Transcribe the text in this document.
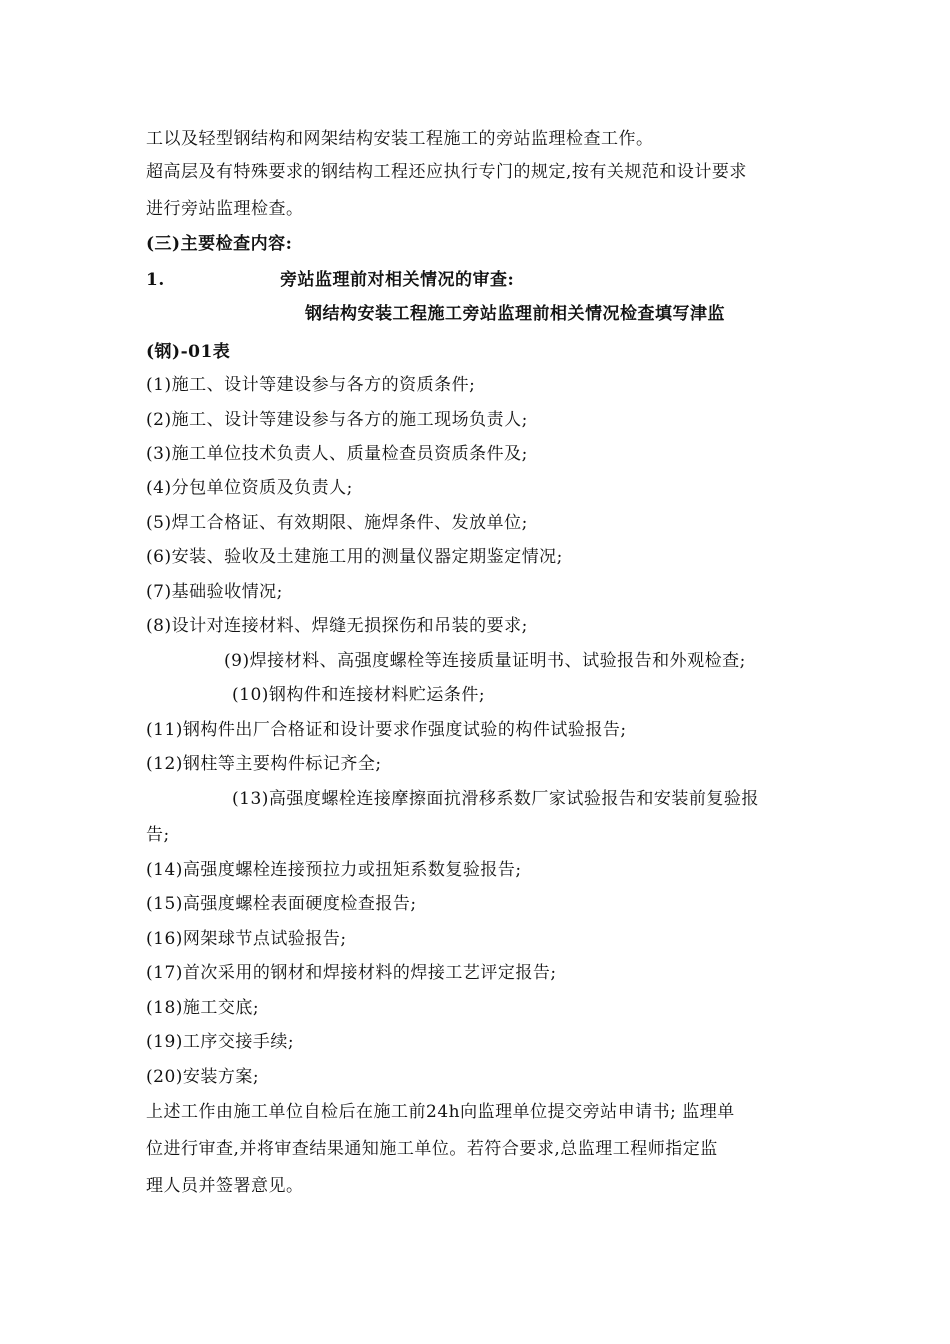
工以及轻型钢结构和网架结构安装工程施工的旁站监理检查工作。
超高层及有特殊要求的钢结构工程还应执行专门的规定,按有关规范和设计要求
进行旁站监理检查。
(三)主要检查内容:
1.	旁站监理前对相关情况的审查:
钢结构安装工程施工旁站监理前相关情况检查填写津监
(钢)-01表
(1)施工、设计等建设参与各方的资质条件;
(2)施工、设计等建设参与各方的施工现场负责人;
(3)施工单位技术负责人、质量检查员资质条件及;
(4)分包单位资质及负责人;
(5)焊工合格证、有效期限、施焊条件、发放单位;
(6)安装、验收及土建施工用的测量仪器定期鉴定情况;
(7)基础验收情况;
(8)设计对连接材料、焊缝无损探伤和吊装的要求;
(9)焊接材料、高强度螺栓等连接质量证明书、试验报告和外观检查;
(10)钢构件和连接材料贮运条件;
(11)钢构件出厂合格证和设计要求作强度试验的构件试验报告;
(12)钢柱等主要构件标记齐全;
(13)高强度螺栓连接摩擦面抗滑移系数厂家试验报告和安装前复验报
告;
(14)高强度螺栓连接预拉力或扭矩系数复验报告;
(15)高强度螺栓表面硬度检查报告;
(16)网架球节点试验报告;
(17)首次采用的钢材和焊接材料的焊接工艺评定报告;
(18)施工交底;
(19)工序交接手续;
(20)安装方案;
上述工作由施工单位自检后在施工前24h向监理单位提交旁站申请书; 监理单
位进行审查,并将审查结果通知施工单位。若符合要求,总监理工程师指定监
理人员并签署意见。
